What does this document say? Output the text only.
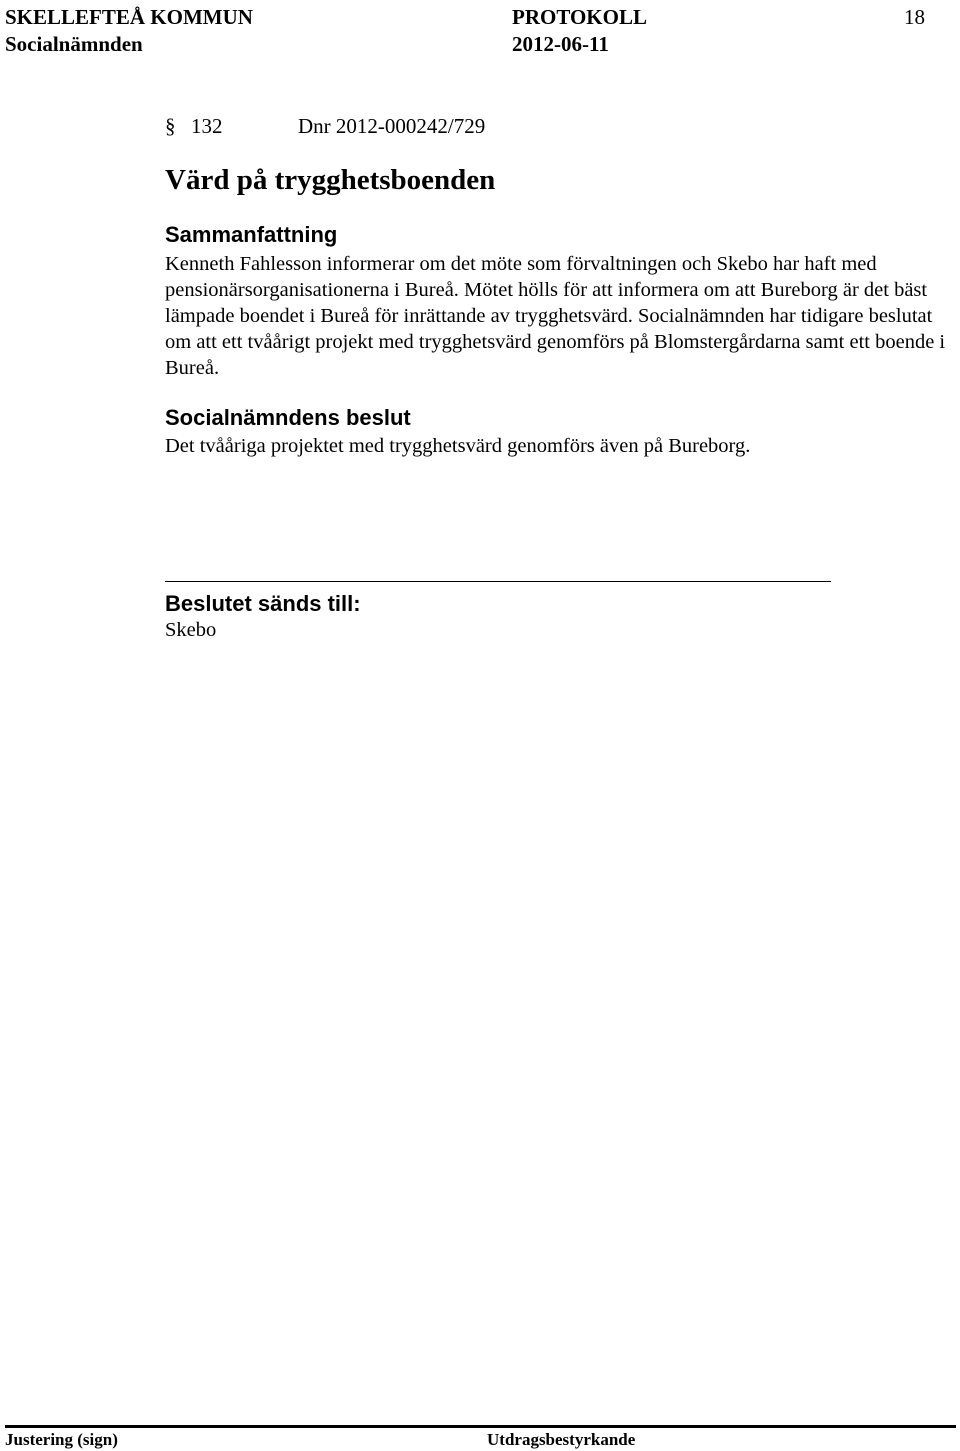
SKELLEFTEÅ KOMMUN
Socialnämnden
PROTOKOLL
2012-06-11
18
§ 132	Dnr 2012-000242/729
Värd på trygghetsboenden
Sammanfattning

Kenneth Fahlesson informerar om det möte som förvaltningen och Skebo har haft med pensionärsorganisationerna i Bureå. Mötet hölls för att informera om att Bureborg är det bäst lämpade boendet i Bureå för inrättande av trygghetsvärd. Socialnämnden har tidigare beslutat om att ett tvåårigt projekt med trygghetsvärd genomförs på Blomstergårdarna samt ett boende i Bureå.

Socialnämndens beslut

Det tvååriga projektet med trygghetsvärd genomförs även på Bureborg.

Beslutet sänds till:

Skebo

Justering (sign)	Utdragsbestyrkande
